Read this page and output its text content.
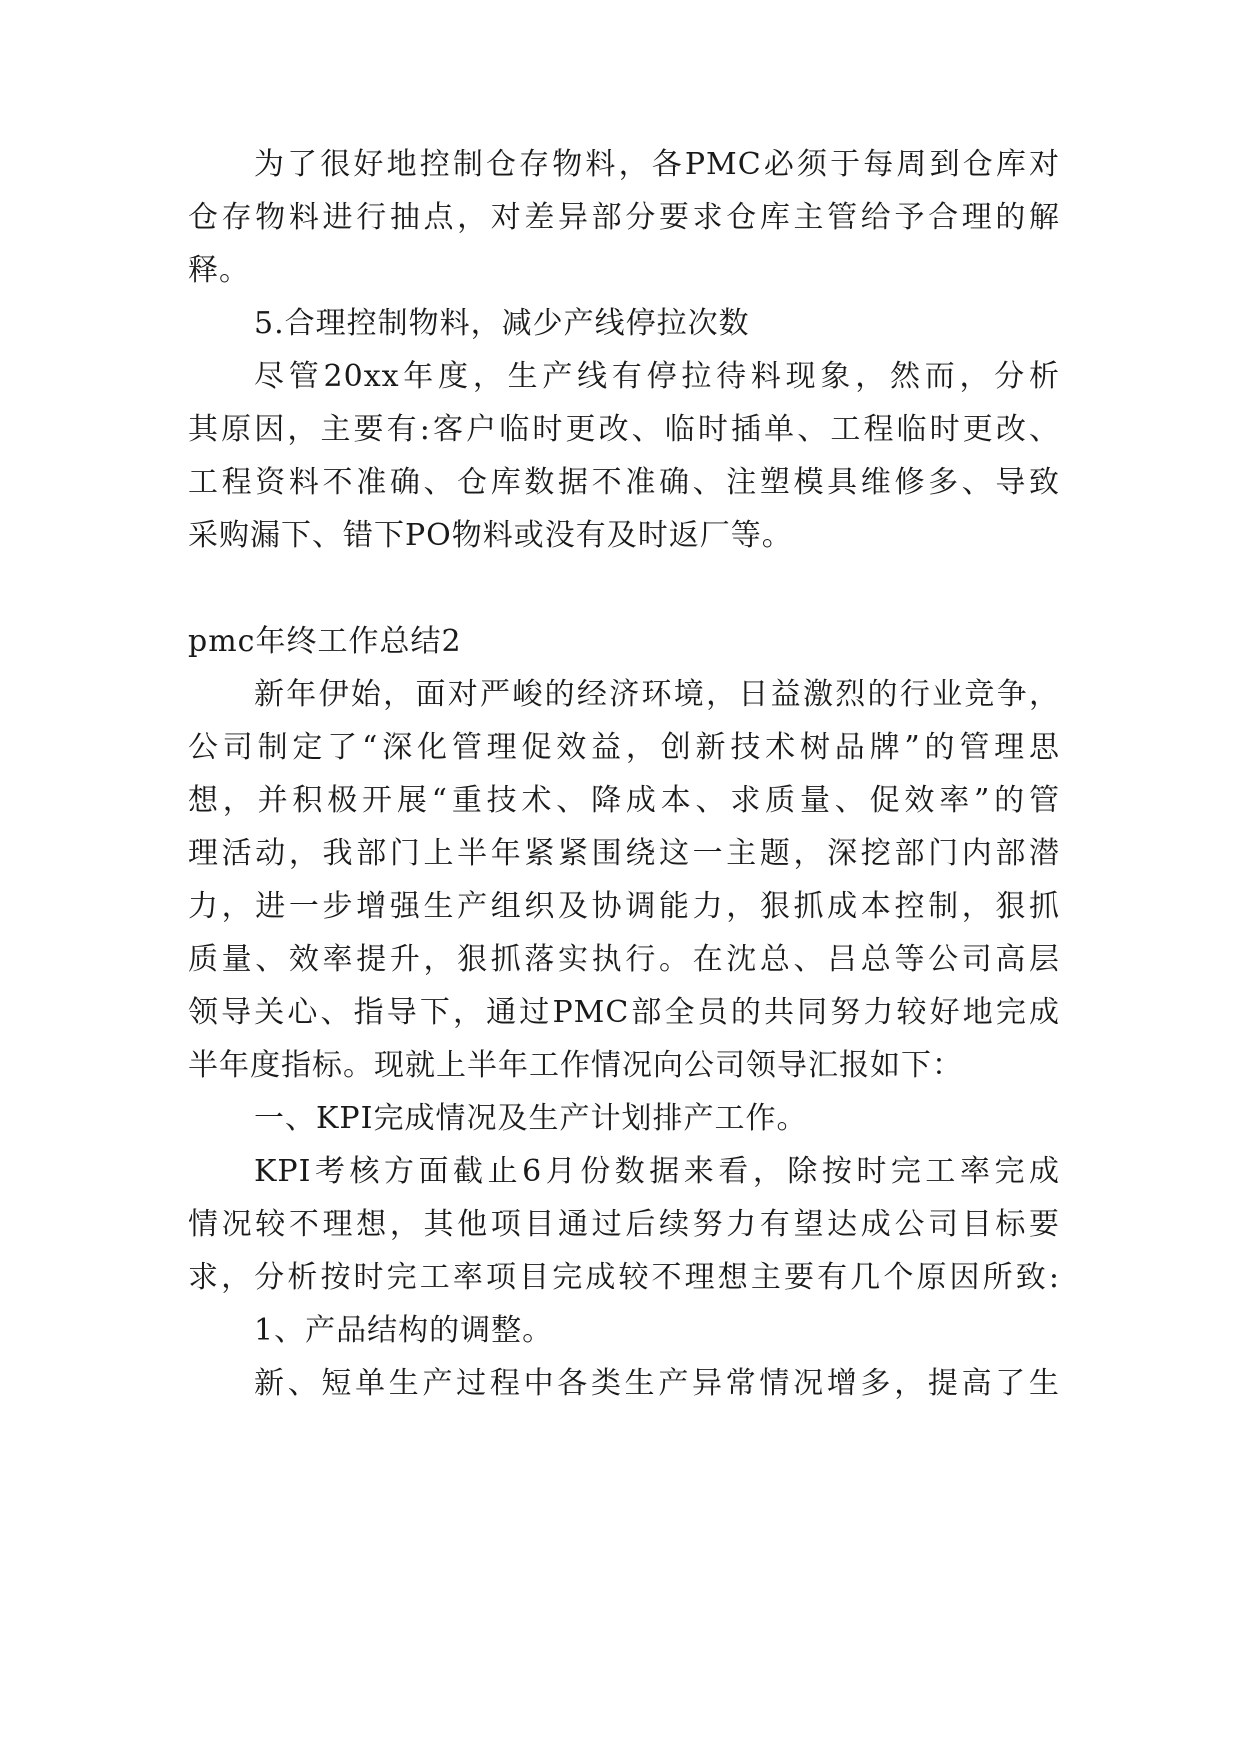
为了很好地控制仓存物料，各PMC必须于每周到仓库对
仓存物料进行抽点，对差异部分要求仓库主管给予合理的解
释。
5.合理控制物料，减少产线停拉次数
尽管20xx年度，生产线有停拉待料现象，然而，分析
其原因，主要有:客户临时更改、临时插单、工程临时更改、
工程资料不准确、仓库数据不准确、注塑模具维修多、导致
采购漏下、错下PO物料或没有及时返厂等。
pmc年终工作总结2
新年伊始，面对严峻的经济环境，日益激烈的行业竞争，
公司制定了“深化管理促效益，创新技术树品牌”的管理思
想，并积极开展“重技术、降成本、求质量、促效率”的管
理活动，我部门上半年紧紧围绕这一主题，深挖部门内部潜
力，进一步增强生产组织及协调能力，狠抓成本控制，狠抓
质量、效率提升，狠抓落实执行。在沈总、吕总等公司高层
领导关心、指导下，通过PMC部全员的共同努力较好地完成
半年度指标。现就上半年工作情况向公司领导汇报如下：
一、KPI完成情况及生产计划排产工作。
KPI考核方面截止6月份数据来看，除按时完工率完成
情况较不理想，其他项目通过后续努力有望达成公司目标要
求，分析按时完工率项目完成较不理想主要有几个原因所致:
1、产品结构的调整。
新、短单生产过程中各类生产异常情况增多，提高了生
